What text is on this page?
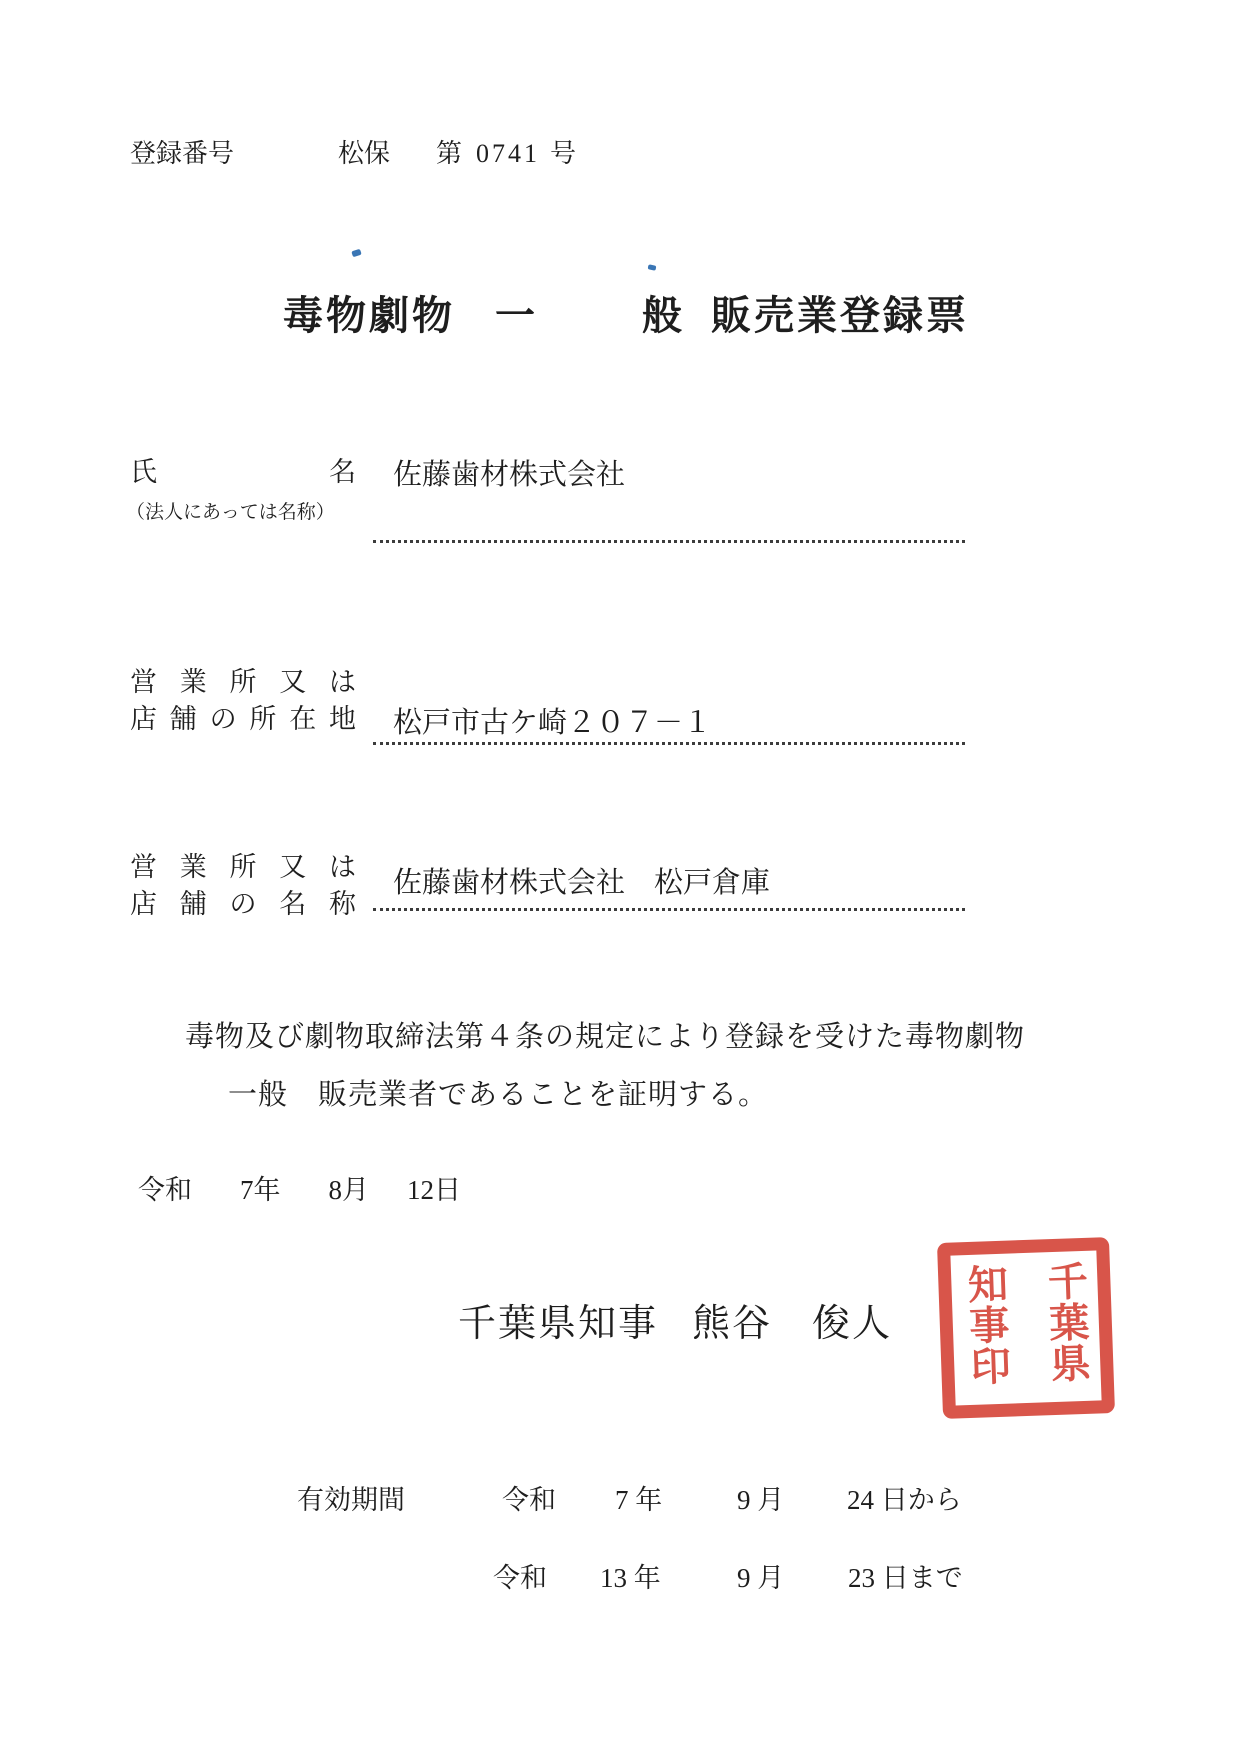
登録番号	松保 第 0741 号
毒物劇物 一	般 販売業登録票
氏名
（法人にあっては名称）
佐藤歯材株式会社
営業所又は
店舗の所在地 松戸市古ケ崎２０７－１
営業所又は
店舗の名称
佐藤歯材株式会社　松戸倉庫
毒物及び劇物取締法第４条の規定により登録を受けた毒物劇物
一般　販売業者であることを証明する。
令和 7年 8月 12日
千葉県知事 熊谷　俊人	千葉県
知事印
有効期間	令和 7 年	9 月 24 日から
令和 13 年	9 月 23 日まで
